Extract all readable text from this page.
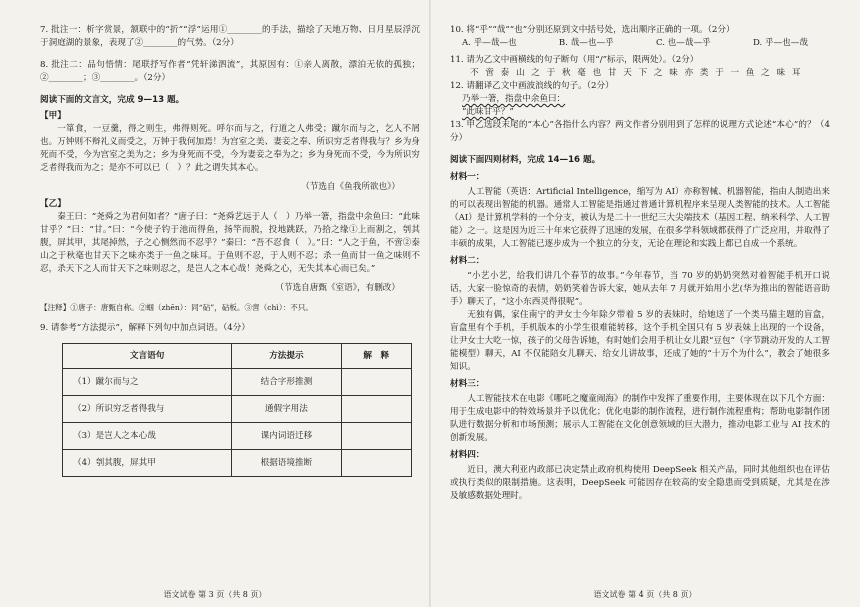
7. 批注一：析字赏景，颔联中的“折”“浮”运用①________的手法，描绘了天地万物、日月星辰浮沉于洞庭湖的景象，表现了②________的气势。（2分）

8. 批注二：品句悟情：尾联抒写作者“凭轩涕泗流”，其原因有：①亲人离散，漂泊无依的孤独；②________；③________。（2分）

阅读下面的文言文，完成 9—13 题。

【甲】

一箪食，一豆羹，得之则生，弗得则死。呼尔而与之，行道之人弗受；蹴尔而与之，乞人不屑也。万钟则不辩礼义而受之，万钟于我何加焉！为宫室之美、妻妾之奉、所识穷乏者得我与？乡为身死而不受，今为宫室之美为之；乡为身死而不受，今为妻妾之奉为之；乡为身死而不受，今为所识穷乏者得我而为之；是亦不可以已（　）？此之谓失其本心。

（节选自《鱼我所欲也》）

【乙】

秦王曰：“尧舜之为君何如者？”唐子曰：“尧舜艺远于人（　）乃举一箸，指盘中余鱼曰：“此味甘乎？”曰：“甘。”曰：“今使子钓于池而得鱼，扬竿而脱，投地跳跃，乃拾之缘①上而割之，刳其腹，屏其甲，其尾掉然，子之心恻然而不忍乎？”秦曰：“吾不忍食（　）。”曰：“人之于鱼，不啻②泰山之于秋毫也甘天下之味亦类于一鱼之味耳。于鱼则不忍，于人则不忍；杀一鱼而甘一鱼之味则不忍，杀天下之人而甘天下之味则忍之，是岂人之本心哉！尧舜之心，无失其本心而已矣。”

（节选自唐甄《室语》，有删改）

【注释】①唐子：唐甄自称。②蝈（zhēn）：同“砧”，砧板。③啻（chì）：不只。

9. 请参考“方法提示”，解释下列句中加点词语。（4分）

文言语句	方法提示	解　释
（1）蹴尔而与之	结合字形推测	
（2）所识穷乏者得我与	通假字用法	
（3）是岂人之本心哉	课内词语迁移	
（4）刳其腹，屏其甲	根据语境推断	
语文试卷 第 3 页（共 8 页）

10. 将“乎”“哉”“也”分别还原到文中括号处，选出顺序正确的一项。（2分）

A. 乎—哉—也	B. 哉—也—乎	C. 也—哉—乎	D. 乎—也—哉

11. 请为乙文中画横线的句子断句（用“/”标示，限两处）。（2分）

不 啻 泰 山 之 于 秋 毫 也 甘 天 下 之 味 亦 类 于 一 鱼 之 味 耳

12. 请翻译乙文中画波浪线的句子。（2分）

乃举一箸，指盘中余鱼曰：

“此味甘乎？”

13. 甲乙选段末尾的“本心”各指什么内容？两文作者分别用到了怎样的说理方式论述“本心”的？（4分）

阅读下面四则材料，完成 14—16 题。

材料一：

人工智能（英语：Artificial Intelligence，缩写为 AI）亦称智械、机器智能，指由人制造出来的可以表现出智能的机器。通常人工智能是指通过普通计算机程序来呈现人类智能的技术。人工智能（AI）是计算机学科的一个分支，被认为是二十一世纪三大尖端技术（基因工程、纳米科学、人工智能）之一。这是因为近三十年来它获得了迅速的发展，在很多学科领域都获得了广泛应用，并取得了丰硕的成果，人工智能已逐步成为一个独立的分支，无论在理论和实践上都已自成一个系统。

材料二：

“小艺小艺，给我们讲几个春节的故事。”今年春节，当 70 岁的奶奶突然对着智能手机开口说话，大家一脸惊奇的表情，奶奶笑着告诉大家，她从去年 7 月就开始用小艺(华为推出的智能语音助手）聊天了，“这小东西灵得很呢”。

无独有偶，家住南宁的尹女士今年除夕带着 5 岁的表妹时，给她送了一个类马猫主题的盲盒，盲盒里有个手机，手机版本的小学生很难能转移，这个手机全国只有 5 岁表妹上出现的一个设备，让尹女士大吃一惊，孩子的父母告诉她，有时她们会用手机让女儿跟“豆包”（字节跳动开发的人工智能模型）聊天，AI 不仅能陪女儿聊天、给女儿讲故事，还成了她的“十万个为什么”，教会了她很多知识。

材料三：

人工智能技术在电影《哪吒之魔童闹海》的制作中发挥了重要作用，主要体现在以下几个方面：用于生成电影中的特效场景并予以优化；优化电影的制作流程，进行制作流程重构；帮助电影制作团队进行数据分析和市场预测；展示人工智能在文化创意领域的巨大潜力，推动电影工业与 AI 技术的创新发展。

材料四：

近日，澳大利亚内政部已决定禁止政府机构使用 DeepSeek 相关产品，同时其他组织也在评估或执行类似的限制措施。这表明，DeepSeek 可能因存在较高的安全隐患而受到质疑，尤其是在涉及敏感数据处理时。

语文试卷 第 4 页（共 8 页）
